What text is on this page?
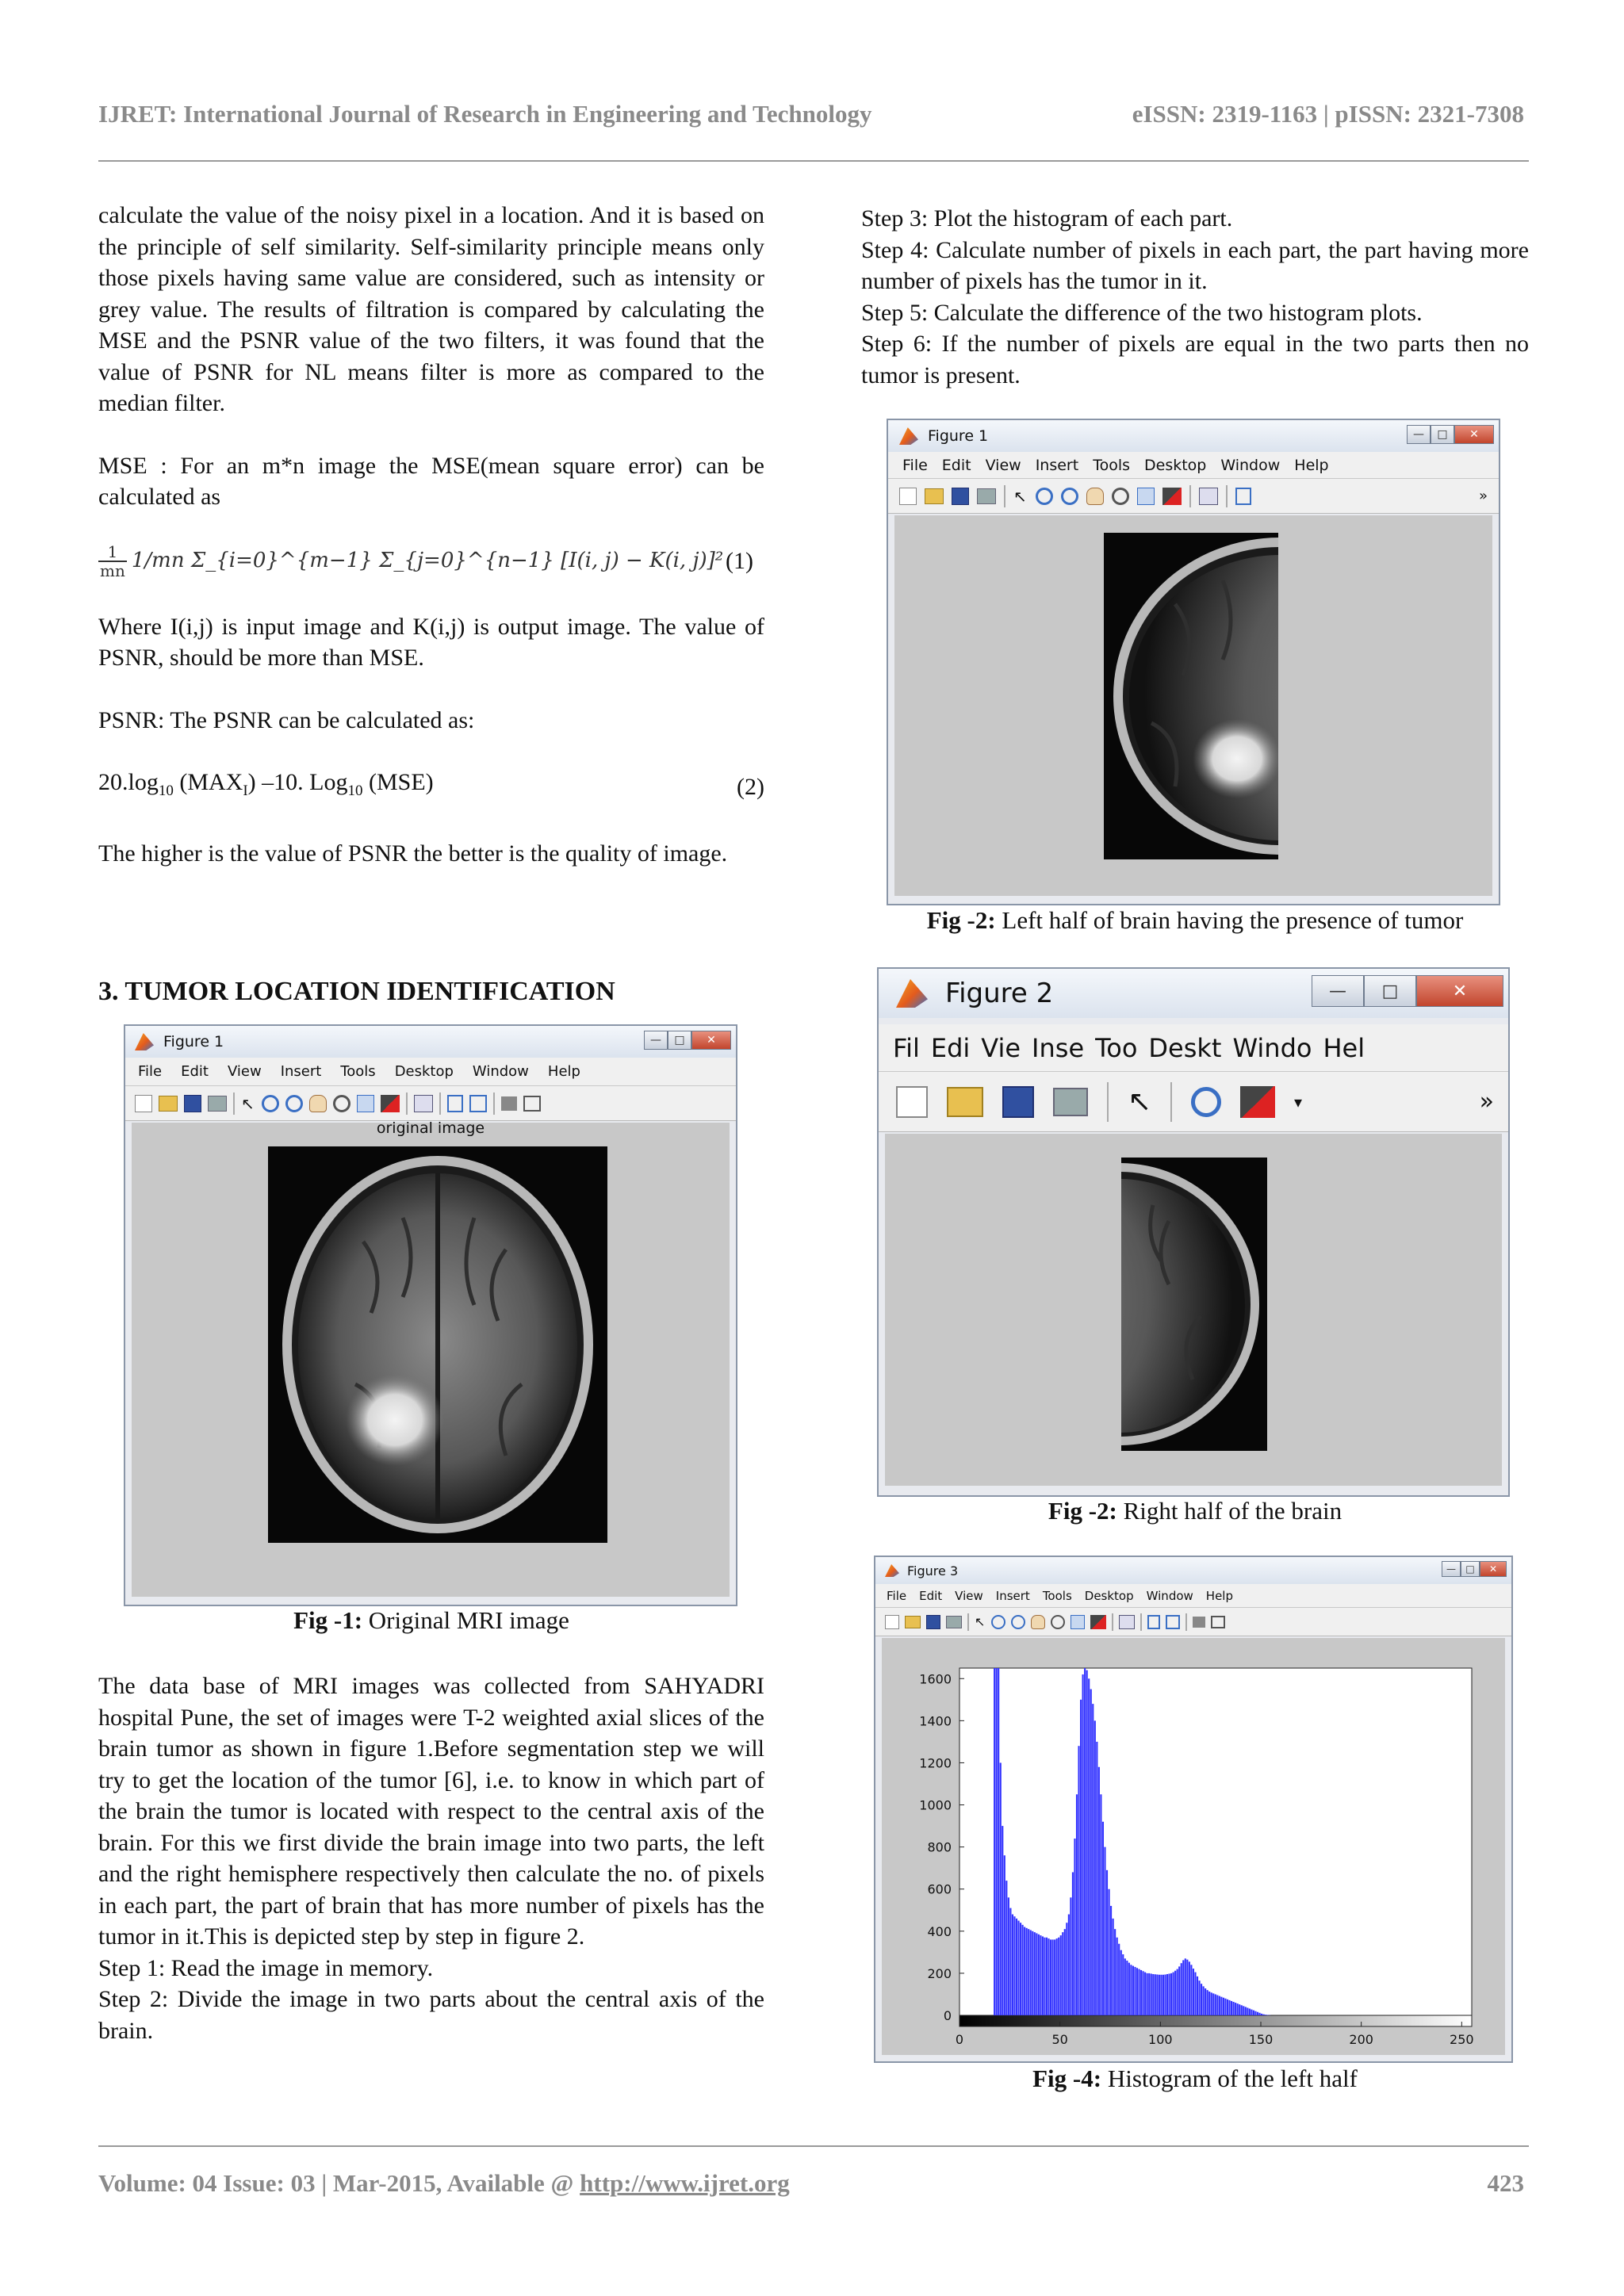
IJRET: International Journal of Research in Engineering and Technology	eISSN: 2319-1163 | pISSN: 2321-7308

calculate the value of the noisy pixel in a location. And it is based on the principle of self similarity. Self-similarity principle means only those pixels having same value are considered, such as intensity or grey value. The results of filtration is compared by calculating the MSE and the PSNR value of the two filters, it was found that the value of PSNR for NL means filter is more as compared to the median filter.

MSE : For an m*n image the MSE(mean square error) can be calculated as

1
mn 1/mn Σ_{i=0}^{m−1} Σ_{j=0}^{n−1} [I(i, j) − K(i, j)]² (1)

Where I(i,j) is input image and K(i,j) is output image. The value of PSNR, should be more than MSE.

PSNR: The PSNR can be calculated as:

$20.\log_{10}$ $(MAX_I)$ –10. Log$_{10}$ (MSE)	(2)

The higher is the value of PSNR the better is the quality of image.

3. TUMOR LOCATION IDENTIFICATION
Figure 1	—	□	✕
File Edit View Insert Tools Desktop Window Help
↖
original image
Fig -1: Original MRI image

The data base of MRI images was collected from SAHYADRI hospital Pune, the set of images were T-2 weighted axial slices of the brain tumor as shown in figure 1.Before segmentation step we will try to get the location of the tumor [6], i.e. to know in which part of the brain the tumor is located with respect to the central axis of the brain. For this we first divide the brain image into two parts, the left and the right hemisphere respectively then calculate the no. of pixels in each part, the part of brain that has more number of pixels has the tumor in it.This is depicted step by step in figure 2.

Step 1: Read the image in memory.

Step 2: Divide the image in two parts about the central axis of the brain.

Step 3: Plot the histogram of each part.

Step 4: Calculate number of pixels in each part, the part having more number of pixels has the tumor in it.

Step 5: Calculate the difference of the two histogram plots.

Step 6: If the number of pixels are equal in the two parts then no tumor is present.

Figure 1	—	□	✕
File Edit View Insert Tools Desktop Window Help
↖	»
Fig -2: Left half of brain having the presence of tumor
Figure 2	—	□	✕
Fil Edi Vie Inse Too Deskt Windo Hel
↖	▾	»
Fig -2: Right half of the brain
Figure 3	—	□	✕
File Edit View Insert Tools Desktop Window Help
↖
0
200
400
600
800
1000
1200
1400
1600
0	50	100	150	200	250
Fig -4: Histogram of the left half
Volume: 04 Issue: 03 | Mar-2015, Available @ http://www.ijret.org	423
